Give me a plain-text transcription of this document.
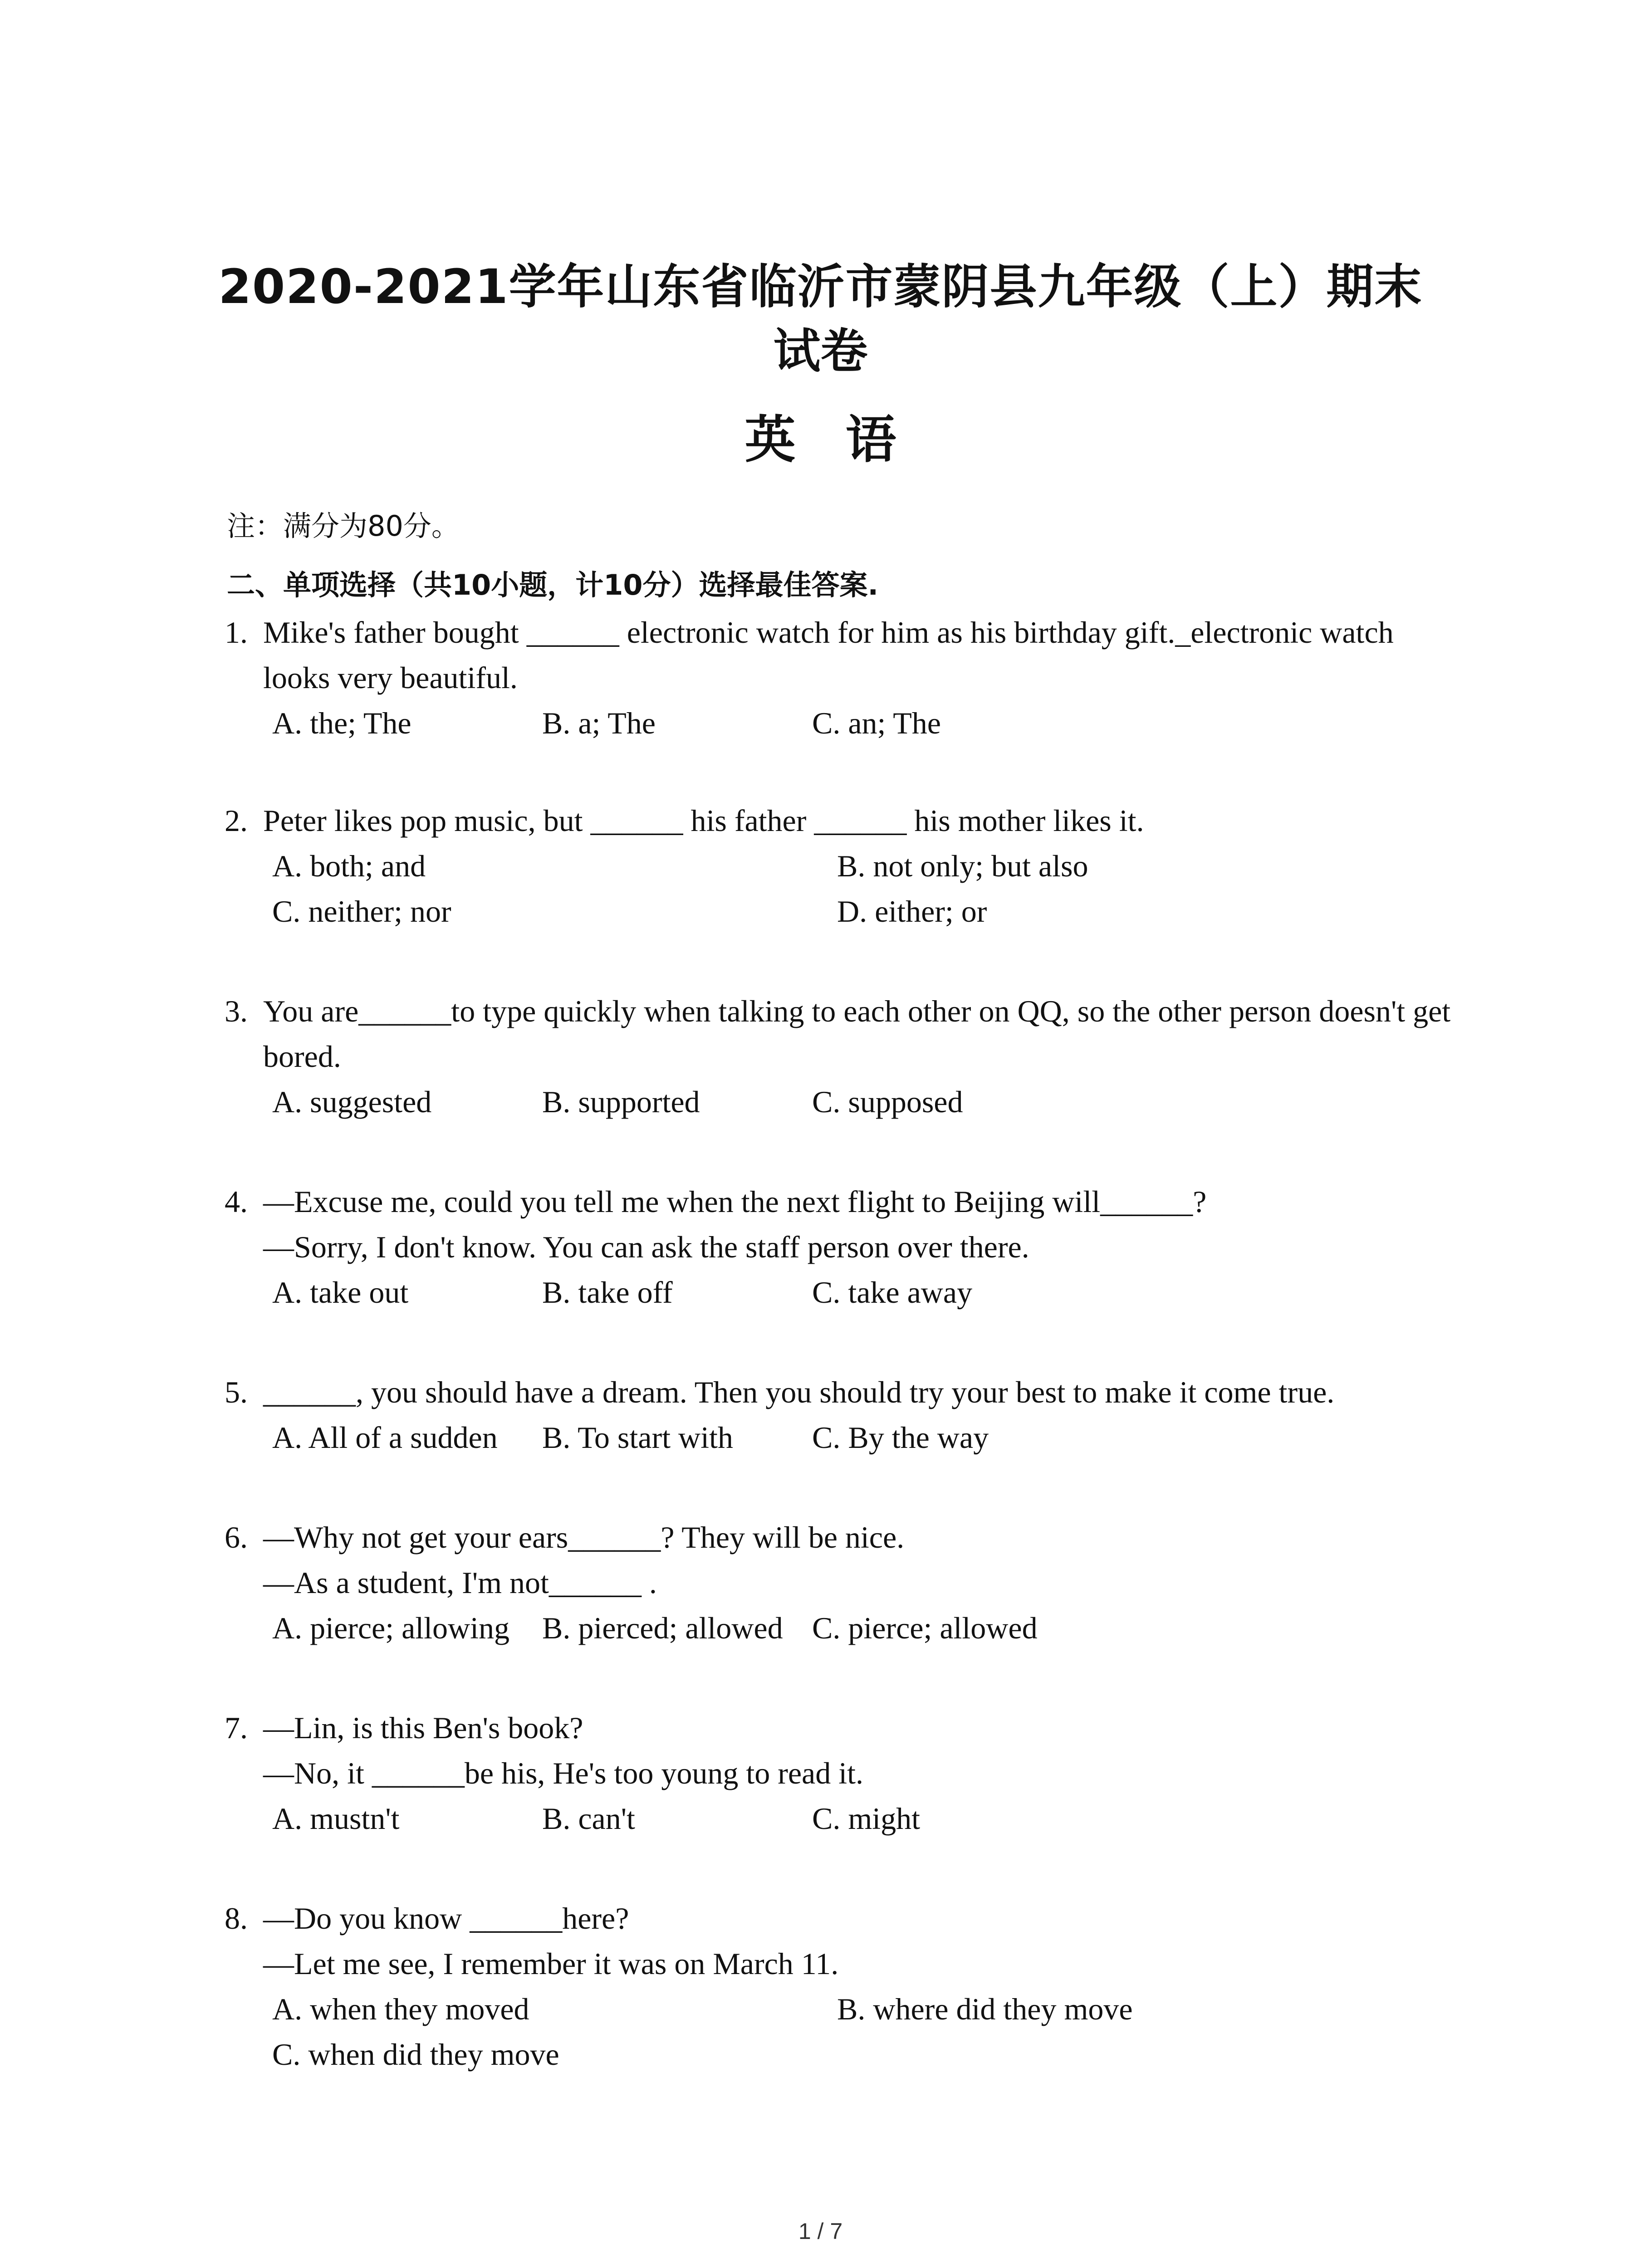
2020-2021学年山东省临沂市蒙阴县九年级（上）期末
试卷
英语
注：满分为80分。
二、单项选择（共10小题，计10分）选择最佳答案.
1. Mike's father bought ______ electronic watch for him as his birthday gift._electronic watch
looks very beautiful.
A. the; The	B. a; The	C. an; The
2. Peter likes pop music, but ______ his father ______ his mother likes it.
A. both; and	B. not only; but also
C. neither; nor	D. either; or
3. You are______to type quickly when talking to each other on QQ, so the other person doesn't get
bored.
A. suggested	B. supported	C. supposed
4. —Excuse me, could you tell me when the next flight to Beijing will______?
—Sorry, I don't know. You can ask the staff person over there.
A. take out	B. take off	C. take away
5. ______, you should have a dream. Then you should try your best to make it come true.
A. All of a sudden B. To start with	C. By the way
6. —Why not get your ears______? They will be nice.
—As a student, I'm not______ .
A. pierce; allowing B. pierced; allowed C. pierce; allowed
7. —Lin, is this Ben's book?
—No, it ______be his, He's too young to read it.
A. mustn't	B. can't	C. might
8. —Do you know ______here?
—Let me see, I remember it was on March 11.
A. when they moved	B. where did they move
C. when did they move
1 / 7
